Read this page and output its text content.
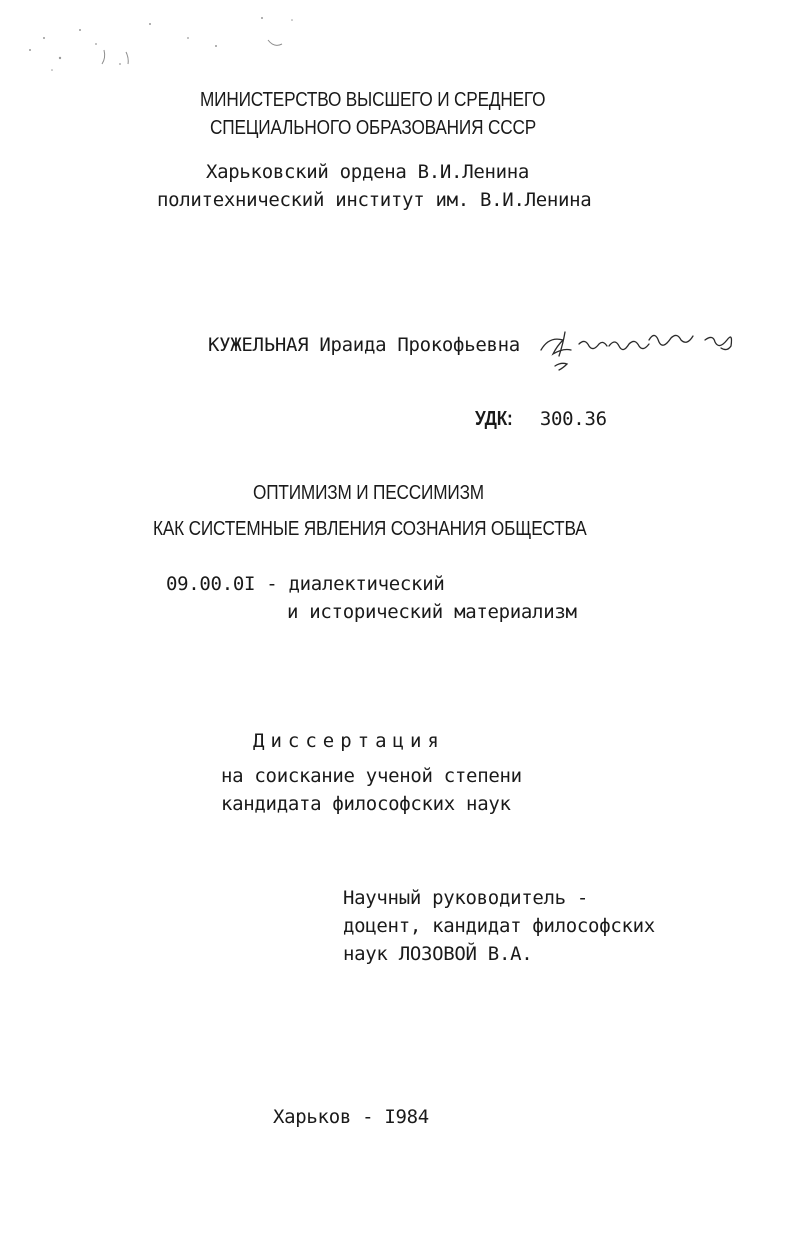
МИНИСТЕРСТВО ВЫСШЕГО И СРЕДНЕГО
СПЕЦИАЛЬНОГО ОБРАЗОВАНИЯ СССР
Харьковский ордена В.И.Ленина
политехнический институт им. В.И.Ленина
КУЖЕЛЬНАЯ Ираида Прокофьевна
УДК: 300.36
ОПТИМИЗМ И ПЕССИМИЗМ
КАК СИСТЕМНЫЕ ЯВЛЕНИЯ СОЗНАНИЯ ОБЩЕСТВА
09.00.0I - диалектический
и исторический материализм
Диссертация
на соискание ученой степени
кандидата философских наук
Научный руководитель -
доцент, кандидат философских
наук ЛОЗОВОЙ В.А.
Харьков - I984
